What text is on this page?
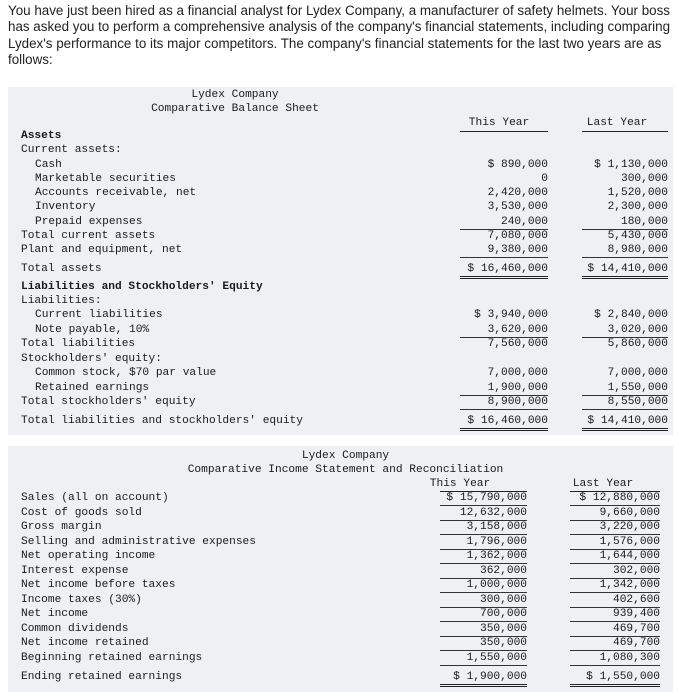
You have just been hired as a financial analyst for Lydex Company, a manufacturer of safety helmets. Your boss has asked you to perform a comprehensive analysis of the company's financial statements, including comparing Lydex's performance to its major competitors. The company's financial statements for the last two years are as follows:
Lydex Company
Comparative Balance Sheet
This Year	Last Year
Assets
Current assets:
Cash	$ 890,000	$ 1,130,000
Marketable securities	0	300,000
Accounts receivable, net	2,420,000	1,520,000
Inventory	3,530,000	2,300,000
Prepaid expenses	240,000	180,000
Total current assets	7,080,000	5,430,000
Plant and equipment, net	9,380,000	8,980,000
Total assets	$ 16,460,000	$ 14,410,000
Liabilities and Stockholders' Equity
Liabilities:
Current liabilities	$ 3,940,000	$ 2,840,000
Note payable, 10%	3,620,000	3,020,000
Total liabilities	7,560,000	5,860,000
Stockholders' equity:
Common stock, $70 par value	7,000,000	7,000,000
Retained earnings	1,900,000	1,550,000
Total stockholders' equity	8,900,000	8,550,000
Total liabilities and stockholders' equity	$ 16,460,000	$ 14,410,000
Lydex Company
Comparative Income Statement and Reconciliation
This Year	Last Year
Sales (all on account)	$ 15,790,000	$ 12,880,000
Cost of goods sold	12,632,000	9,660,000
Gross margin	3,158,000	3,220,000
Selling and administrative expenses	1,796,000	1,576,000
Net operating income	1,362,000	1,644,000
Interest expense	362,000	302,000
Net income before taxes	1,000,000	1,342,000
Income taxes (30%)	300,000	402,600
Net income	700,000	939,400
Common dividends	350,000	469,700
Net income retained	350,000	469,700
Beginning retained earnings	1,550,000	1,080,300
Ending retained earnings	$ 1,900,000	$ 1,550,000
